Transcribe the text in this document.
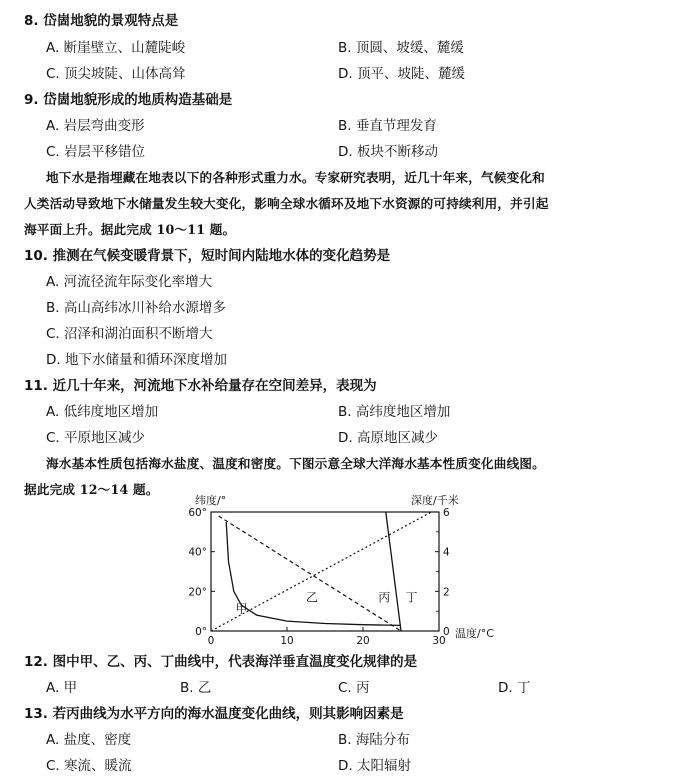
8. 岱崮地貌的景观特点是
A. 断崖壁立、山麓陡峻	B. 顶圆、坡缓、麓缓
C. 顶尖坡陡、山体高耸	D. 顶平、坡陡、麓缓
9. 岱崮地貌形成的地质构造基础是
A. 岩层弯曲变形	B. 垂直节理发育
C. 岩层平移错位	D. 板块不断移动
地下水是指埋藏在地表以下的各种形式重力水。专家研究表明，近几十年来，气候变化和
人类活动导致地下水储量发生较大变化，影响全球水循环及地下水资源的可持续利用，并引起
海平面上升。据此完成 10～11 题。
10. 推测在气候变暖背景下，短时间内陆地水体的变化趋势是
A. 河流径流年际变化率增大
B. 高山高纬冰川补给水源增多
C. 沼泽和湖泊面积不断增大
D. 地下水储量和循环深度增加
11. 近几十年来，河流地下水补给量存在空间差异，表现为
A. 低纬度地区增加	B. 高纬度地区增加
C. 平原地区减少	D. 高原地区减少
海水基本性质包括海水盐度、温度和密度。下图示意全球大洋海水基本性质变化曲线图。
据此完成 12～14 题。
纬度/°	深度/千米
温度/°C
0°
20°
40°
60°
0
2
4
6
0	10	20	30
甲
乙	丙 丁
12. 图中甲、乙、丙、丁曲线中，代表海洋垂直温度变化规律的是
A. 甲	B. 乙	C. 丙	D. 丁
13. 若丙曲线为水平方向的海水温度变化曲线，则其影响因素是
A. 盐度、密度	B. 海陆分布
C. 寒流、暖流	D. 太阳辐射
